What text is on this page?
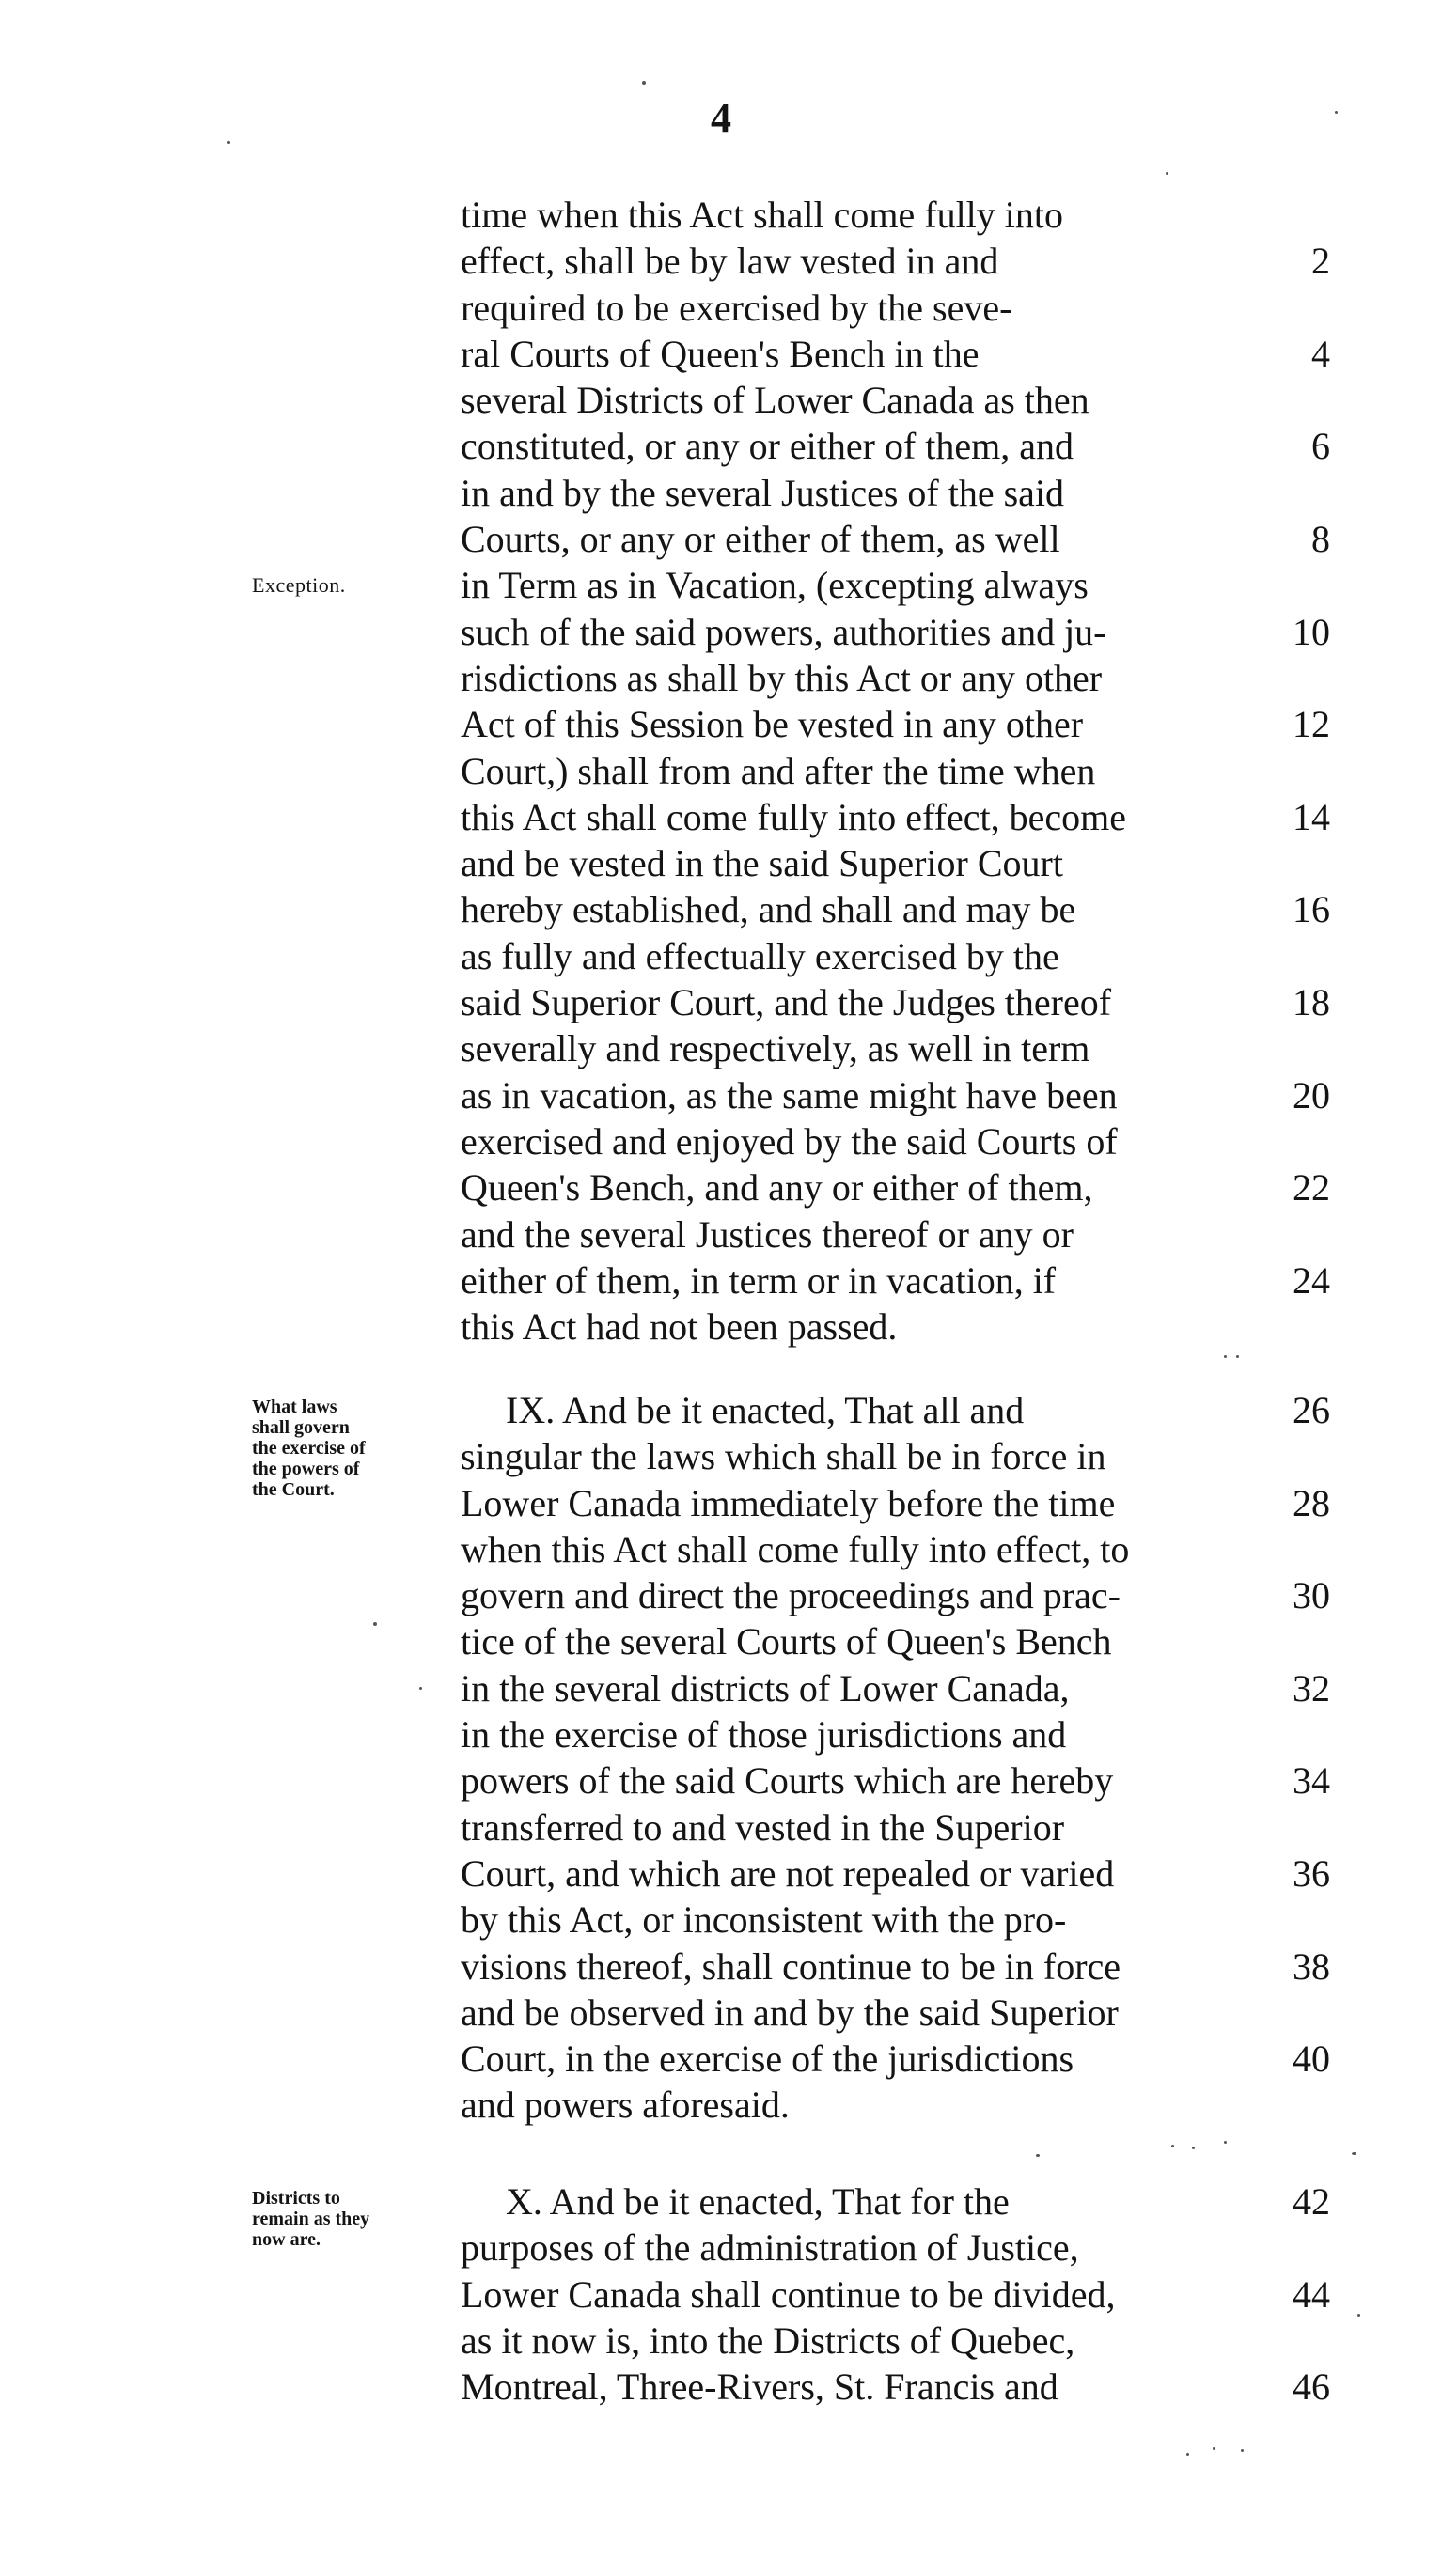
4
time when this Act shall come fully into
effect, shall be by law vested in and	2
required to be exercised by the seve-
ral Courts of Queen's Bench in the	4
several Districts of Lower Canada as then
constituted, or any or either of them, and	6
in and by the several Justices of the said
Courts, or any or either of them, as well	8
in Term as in Vacation, (excepting always
such of the said powers, authorities and ju-	10
risdictions as shall by this Act or any other
Act of this Session be vested in any other	12
Court,) shall from and after the time when
this Act shall come fully into effect, become	14
and be vested in the said Superior Court
hereby established, and shall and may be	16
as fully and effectually exercised by the
said Superior Court, and the Judges thereof	18
severally and respectively, as well in term
as in vacation, as the same might have been	20
exercised and enjoyed by the said Courts of
Queen's Bench, and any or either of them,	22
and the several Justices thereof or any or
either of them, in term or in vacation, if	24
this Act had not been passed.
Exception.
IX. And be it enacted, That all and	26
singular the laws which shall be in force in
Lower Canada immediately before the time	28
when this Act shall come fully into effect, to
govern and direct the proceedings and prac-	30
tice of the several Courts of Queen's Bench
in the several districts of Lower Canada,	32
in the exercise of those jurisdictions and
powers of the said Courts which are hereby	34
transferred to and vested in the Superior
Court, and which are not repealed or varied	36
by this Act, or inconsistent with the pro-
visions thereof, shall continue to be in force	38
and be observed in and by the said Superior
Court, in the exercise of the jurisdictions	40
and powers aforesaid.
What laws
shall govern
the exercise of
the powers of
the Court.
X. And be it enacted, That for the	42
purposes of the administration of Justice,
Lower Canada shall continue to be divided,	44
as it now is, into the Districts of Quebec,
Montreal, Three-Rivers, St. Francis and	46
Districts to
remain as they
now are.
